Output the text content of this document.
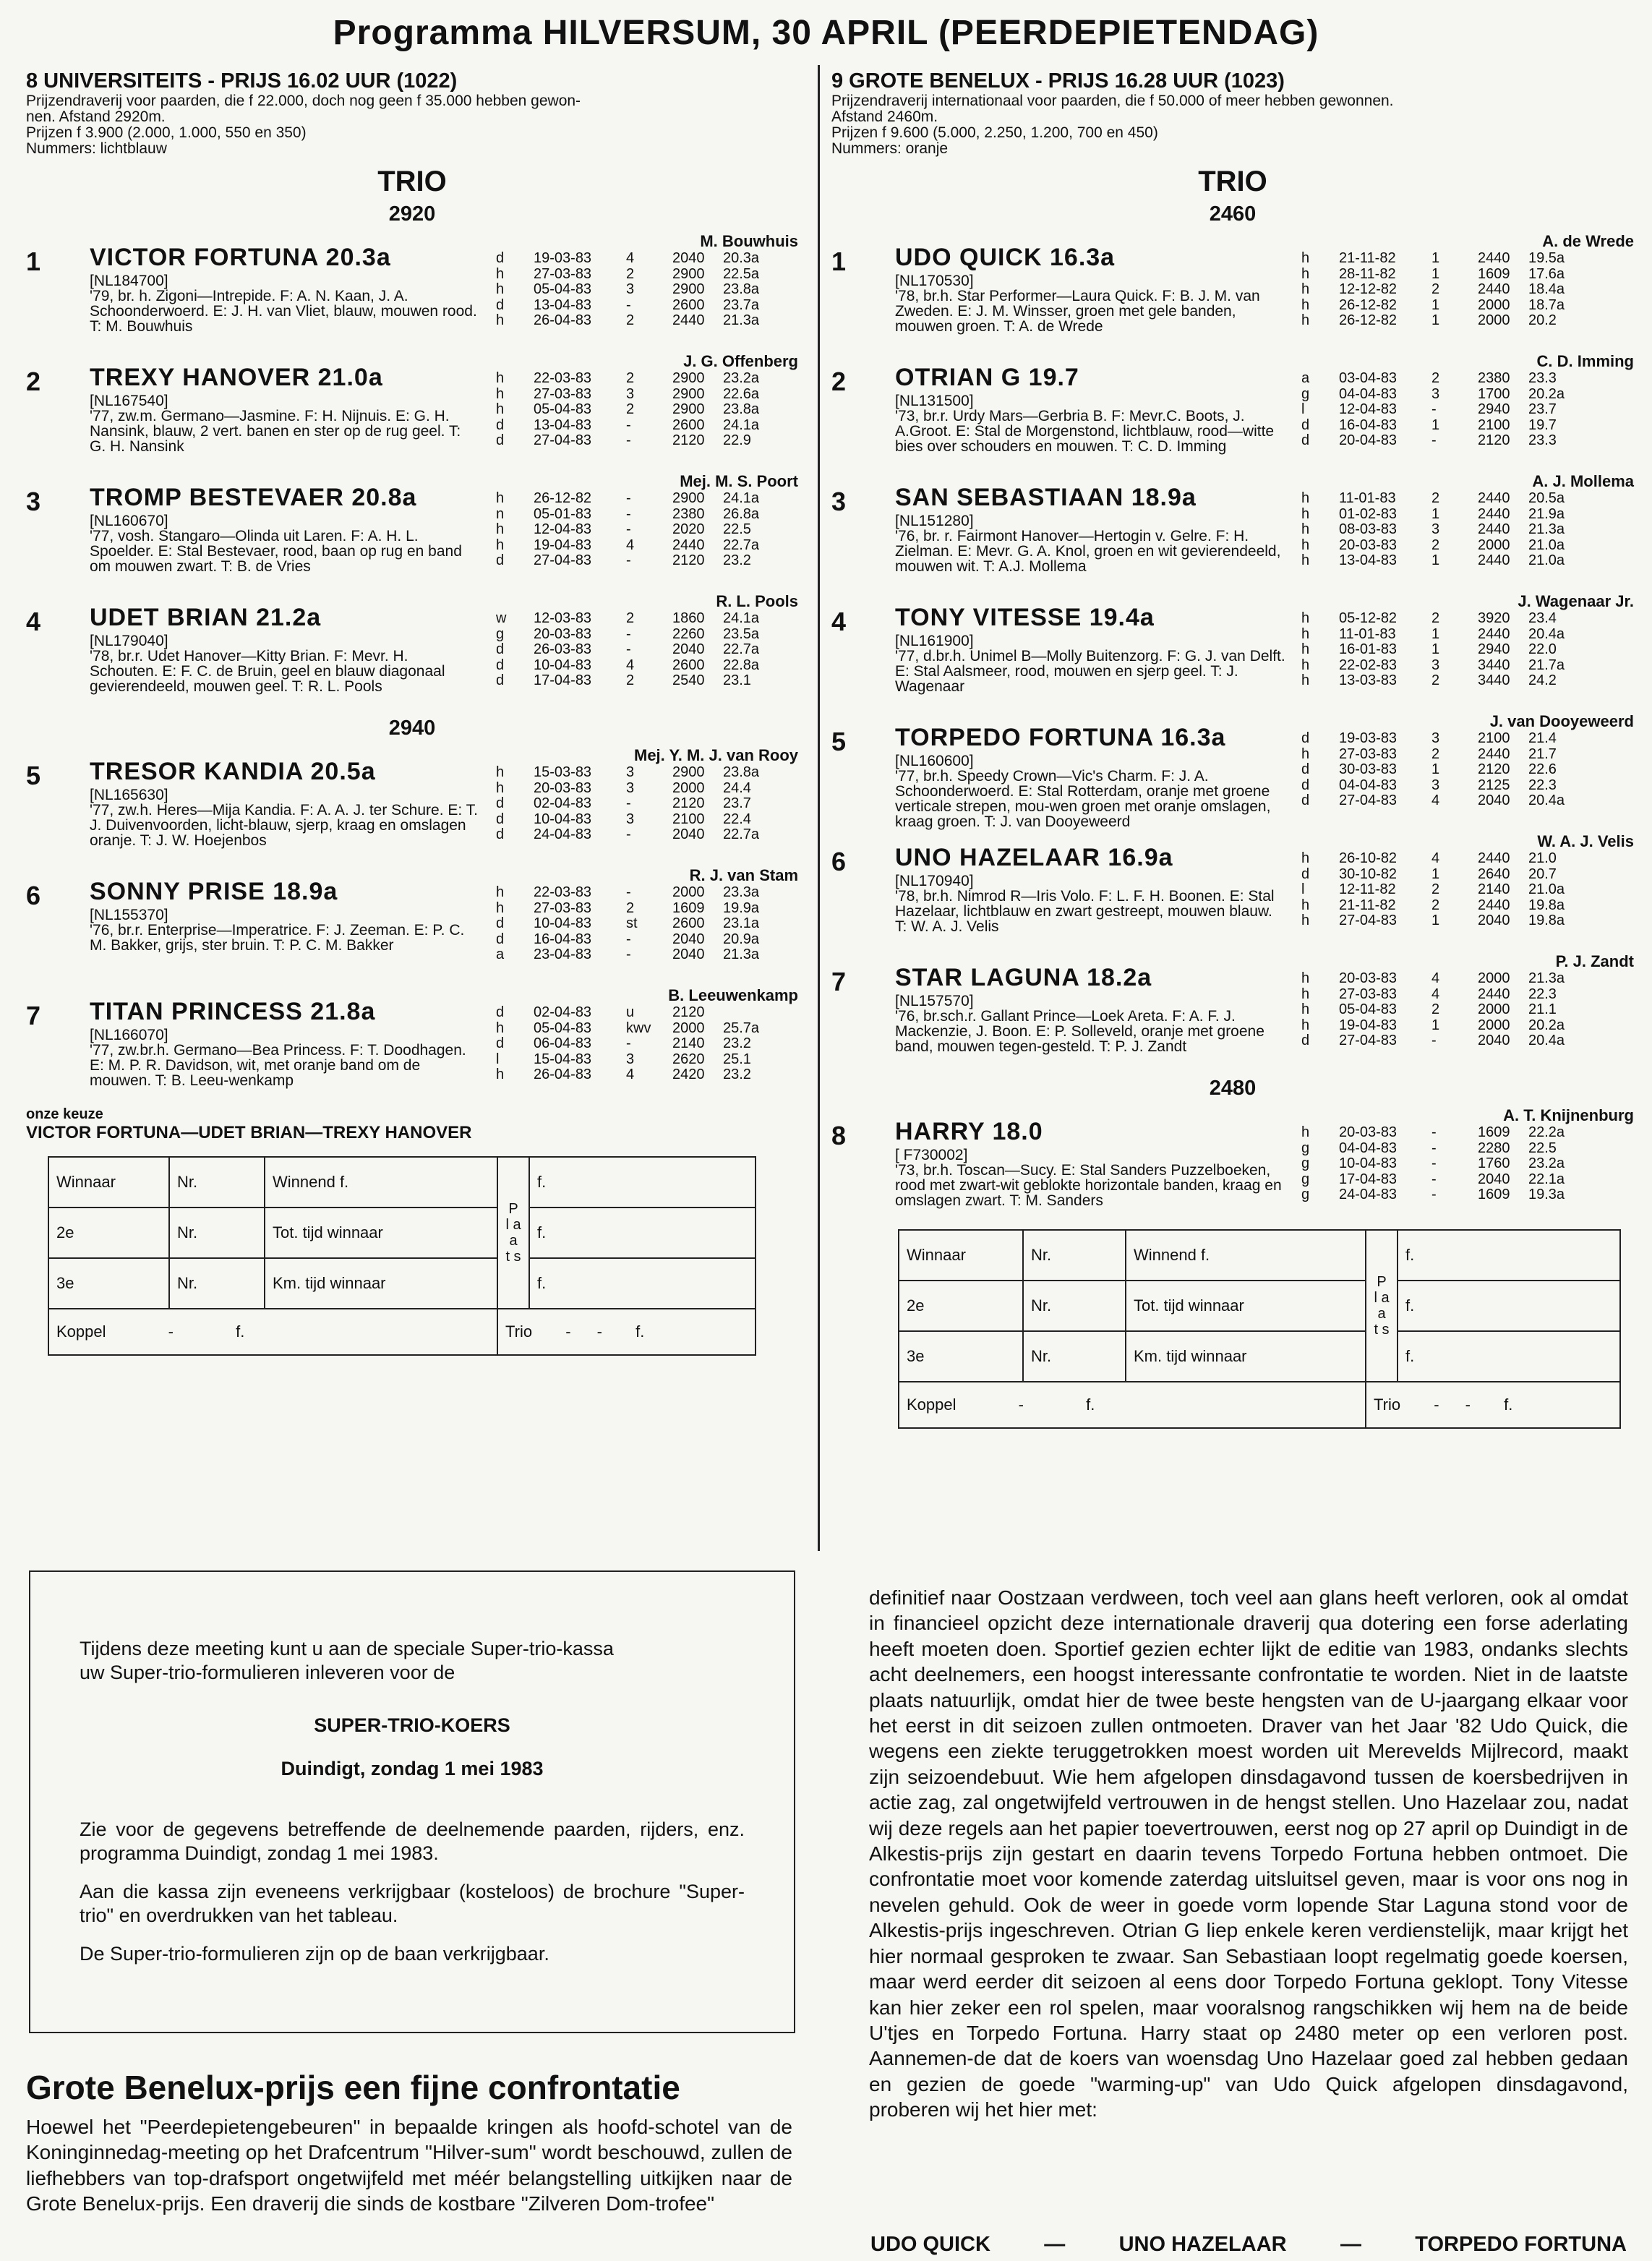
Programma HILVERSUM, 30 APRIL (PEERDEPIETENDAG)
8 UNIVERSITEITS - PRIJS 16.02 UUR (1022)
Prijzendraverij voor paarden, die f 22.000, doch nog geen f 35.000 hebben gewon-
nen. Afstand 2920m.
Prijzen f 3.900 (2.000, 1.000, 550 en 350)
Nummers: lichtblauw
TRIO
2920
1 VICTOR FORTUNA 20.3a
[NL184700]
'79, br. h. Zigoni—Intrepide. F: A. N. Kaan, J. A. Schoonderwoerd. E: J. H. van Vliet, blauw, mouwen rood. T: M. Bouwhuis
M. Bouwhuis
d	19-03-83	4	2040	20.3a
h	27-03-83	2	2900	22.5a
h	05-04-83	3	2900	23.8a
d	13-04-83	-	2600	23.7a
h	26-04-83	2	2440	21.3a
2 TREXY HANOVER 21.0a
[NL167540]
'77, zw.m. Germano—Jasmine. F: H. Nijnuis. E: G. H. Nansink, blauw, 2 vert. banen en ster op de rug geel. T: G. H. Nansink
J. G. Offenberg
h	22-03-83	2	2900	23.2a
h	27-03-83	3	2900	22.6a
h	05-04-83	2	2900	23.8a
d	13-04-83	-	2600	24.1a
d	27-04-83	-	2120	22.9
3 TROMP BESTEVAER 20.8a
[NL160670]
'77, vosh. Stangaro—Olinda uit Laren. F: A. H. L. Spoelder. E: Stal Bestevaer, rood, baan op rug en band om mouwen zwart. T: B. de Vries
Mej. M. S. Poort
h	26-12-82	-	2900	24.1a
n	05-01-83	-	2380	26.8a
h	12-04-83	-	2020	22.5
h	19-04-83	4	2440	22.7a
d	27-04-83	-	2120	23.2
4 UDET BRIAN 21.2a
[NL179040]
'78, br.r. Udet Hanover—Kitty Brian. F: Mevr. H. Schouten. E: F. C. de Bruin, geel en blauw diagonaal gevierendeeld, mouwen geel. T: R. L. Pools
R. L. Pools
w	12-03-83	2	1860	24.1a
g	20-03-83	-	2260	23.5a
d	26-03-83	-	2040	22.7a
d	10-04-83	4	2600	22.8a
d	17-04-83	2	2540	23.1
2940
5 TRESOR KANDIA 20.5a
[NL165630]
'77, zw.h. Heres—Mija Kandia. F: A. A. J. ter Schure. E: T. J. Duivenvoorden, licht-blauw, sjerp, kraag en omslagen oranje. T: J. W. Hoejenbos
Mej. Y. M. J. van Rooy
h	15-03-83	3	2900	23.8a
h	20-03-83	3	2000	24.4
d	02-04-83	-	2120	23.7
d	10-04-83	3	2100	22.4
d	24-04-83	-	2040	22.7a
6 SONNY PRISE 18.9a
[NL155370]
'76, br.r. Enterprise—Imperatrice. F: J. Zeeman. E: P. C. M. Bakker, grijs, ster bruin. T: P. C. M. Bakker
R. J. van Stam
h	22-03-83	-	2000	23.3a
h	27-03-83	2	1609	19.9a
d	10-04-83	st	2600	23.1a
d	16-04-83	-	2040	20.9a
a	23-04-83	-	2040	21.3a
7 TITAN PRINCESS 21.8a
[NL166070]
'77, zw.br.h. Germano—Bea Princess. F: T. Doodhagen. E: M. P. R. Davidson, wit, met oranje band om de mouwen. T: B. Leeu-wenkamp
B. Leeuwenkamp
d	02-04-83	u	2120
h	05-04-83	kwv	2000	25.7a
d	06-04-83	-	2140	23.2
l	15-04-83	3	2620	25.1
h	26-04-83	4	2420	23.2
onze keuze
VICTOR FORTUNA—UDET BRIAN—TREXY HANOVER
Winnaar	Nr.	Winnend f.	P l a a t s	f.
2e	Nr.	Tot. tijd winnaar		f.
3e	Nr.	Km. tijd winnaar		f.
Koppel - f.			Trio - - f.	
9 GROTE BENELUX - PRIJS 16.28 UUR (1023)
Prijzendraverij internationaal voor paarden, die f 50.000 of meer hebben gewonnen.
Afstand 2460m.
Prijzen f 9.600 (5.000, 2.250, 1.200, 700 en 450)
Nummers: oranje
TRIO
2460
1 UDO QUICK 16.3a
[NL170530]
'78, br.h. Star Performer—Laura Quick. F: B. J. M. van Zweden. E: J. M. Winsser, groen met gele banden, mouwen groen. T: A. de Wrede
A. de Wrede
h	21-11-82	1	2440	19.5a
h	28-11-82	1	1609	17.6a
h	12-12-82	2	2440	18.4a
h	26-12-82	1	2000	18.7a
h	26-12-82	1	2000	20.2
2 OTRIAN G 19.7
[NL131500]
'73, br.r. Urdy Mars—Gerbria B. F: Mevr.C. Boots, J. A.Groot. E: Stal de Morgenstond, lichtblauw, rood—witte bies over schouders en mouwen. T: C. D. Imming
C. D. Imming
a	03-04-83	2	2380	23.3
g	04-04-83	3	1700	20.2a
l	12-04-83	-	2940	23.7
d	16-04-83	1	2100	19.7
d	20-04-83	-	2120	23.3
3 SAN SEBASTIAAN 18.9a
[NL151280]
'76, br. r. Fairmont Hanover—Hertogin v. Gelre. F: H. Zielman. E: Mevr. G. A. Knol, groen en wit gevierendeeld, mouwen wit. T: A.J. Mollema
A. J. Mollema
h	11-01-83	2	2440	20.5a
h	01-02-83	1	2440	21.9a
h	08-03-83	3	2440	21.3a
h	20-03-83	2	2000	21.0a
h	13-04-83	1	2440	21.0a
4 TONY VITESSE 19.4a
[NL161900]
'77, d.br.h. Unimel B—Molly Buitenzorg. F: G. J. van Delft. E: Stal Aalsmeer, rood, mouwen en sjerp geel. T: J. Wagenaar
J. Wagenaar Jr.
h	05-12-82	2	3920	23.4
h	11-01-83	1	2440	20.4a
h	16-01-83	1	2940	22.0
h	22-02-83	3	3440	21.7a
h	13-03-83	2	3440	24.2
5 TORPEDO FORTUNA 16.3a
[NL160600]
'77, br.h. Speedy Crown—Vic's Charm. F: J. A. Schoonderwoerd. E: Stal Rotterdam, oranje met groene verticale strepen, mou-wen groen met oranje omslagen, kraag groen. T: J. van Dooyeweerd
J. van Dooyeweerd
d	19-03-83	3	2100	21.4
h	27-03-83	2	2440	21.7
d	30-03-83	1	2120	22.6
d	04-04-83	3	2125	22.3
d	27-04-83	4	2040	20.4a
6 UNO HAZELAAR 16.9a
[NL170940]
'78, br.h. Nimrod R—Iris Volo. F: L. F. H. Boonen. E: Stal Hazelaar, lichtblauw en zwart gestreept, mouwen blauw. T: W. A. J. Velis
W. A. J. Velis
h	26-10-82	4	2440	21.0
d	30-10-82	1	2640	20.7
l	12-11-82	2	2140	21.0a
h	21-11-82	2	2440	19.8a
h	27-04-83	1	2040	19.8a
7 STAR LAGUNA 18.2a
[NL157570]
'76, br.sch.r. Gallant Prince—Loek Areta. F: A. F. J. Mackenzie, J. Boon. E: P. Solleveld, oranje met groene band, mouwen tegen-gesteld. T: P. J. Zandt
P. J. Zandt
h	20-03-83	4	2000	21.3a
h	27-03-83	4	2440	22.3
h	05-04-83	2	2000	21.1
h	19-04-83	1	2000	20.2a
d	27-04-83	-	2040	20.4a
2480
8 HARRY 18.0
[ F730002]
'73, br.h. Toscan—Sucy. E: Stal Sanders Puzzelboeken, rood met zwart-wit geblokte horizontale banden, kraag en omslagen zwart. T: M. Sanders
A. T. Knijnenburg
h	20-03-83	-	1609	22.2a
g	04-04-83	-	2280	22.5
g	10-04-83	-	1760	23.2a
g	17-04-83	-	2040	22.1a
g	24-04-83	-	1609	19.3a
Winnaar	Nr.	Winnend f.	P l a a t s	f.
2e	Nr.	Tot. tijd winnaar		f.
3e	Nr.	Km. tijd winnaar		f.
Koppel - f.			Trio - - f.	
Tijdens deze meeting kunt u aan de speciale Super-trio-kassa
uw Super-trio-formulieren inleveren voor de
SUPER-TRIO-KOERS
Duindigt, zondag 1 mei 1983
Zie voor de gegevens betreffende de deelnemende paarden, rijders, enz. programma Duindigt, zondag 1 mei 1983.
Aan die kassa zijn eveneens verkrijgbaar (kosteloos) de brochure "Super-trio" en overdrukken van het tableau.
De Super-trio-formulieren zijn op de baan verkrijgbaar.
Grote Benelux-prijs een fijne confrontatie
Hoewel het "Peerdepietengebeuren" in bepaalde kringen als hoofd-schotel van de Koninginnedag-meeting op het Drafcentrum "Hilver-sum" wordt beschouwd, zullen de liefhebbers van top-drafsport ongetwijfeld met méér belangstelling uitkijken naar de Grote Benelux-prijs. Een draverij die sinds de kostbare "Zilveren Dom-trofee"
definitief naar Oostzaan verdween, toch veel aan glans heeft verloren, ook al omdat in financieel opzicht deze internationale draverij qua dotering een forse aderlating heeft moeten doen. Sportief gezien echter lijkt de editie van 1983, ondanks slechts acht deelnemers, een hoogst interessante confrontatie te worden. Niet in de laatste plaats natuurlijk, omdat hier de twee beste hengsten van de U-jaargang elkaar voor het eerst in dit seizoen zullen ontmoeten. Draver van het Jaar '82 Udo Quick, die wegens een ziekte teruggetrokken moest worden uit Merevelds Mijlrecord, maakt zijn seizoendebuut. Wie hem afgelopen dinsdagavond tussen de koersbedrijven in actie zag, zal ongetwijfeld vertrouwen in de hengst stellen. Uno Hazelaar zou, nadat wij deze regels aan het papier toevertrouwen, eerst nog op 27 april op Duindigt in de Alkestis-prijs zijn gestart en daarin tevens Torpedo Fortuna hebben ontmoet. Die confrontatie moet voor komende zaterdag uitsluitsel geven, maar is voor ons nog in nevelen gehuld. Ook de weer in goede vorm lopende Star Laguna stond voor de Alkestis-prijs ingeschreven. Otrian G liep enkele keren verdienstelijk, maar krijgt het hier normaal gesproken te zwaar. San Sebastiaan loopt regelmatig goede koersen, maar werd eerder dit seizoen al eens door Torpedo Fortuna geklopt. Tony Vitesse kan hier zeker een rol spelen, maar vooralsnog rangschikken wij hem na de beide U'tjes en Torpedo Fortuna. Harry staat op 2480 meter op een verloren post. Aannemen-de dat de koers van woensdag Uno Hazelaar goed zal hebben gedaan en gezien de goede "warming-up" van Udo Quick afgelopen dinsdagavond, proberen wij het hier met:
UDO QUICK	—	UNO HAZELAAR	—	TORPEDO FORTUNA
